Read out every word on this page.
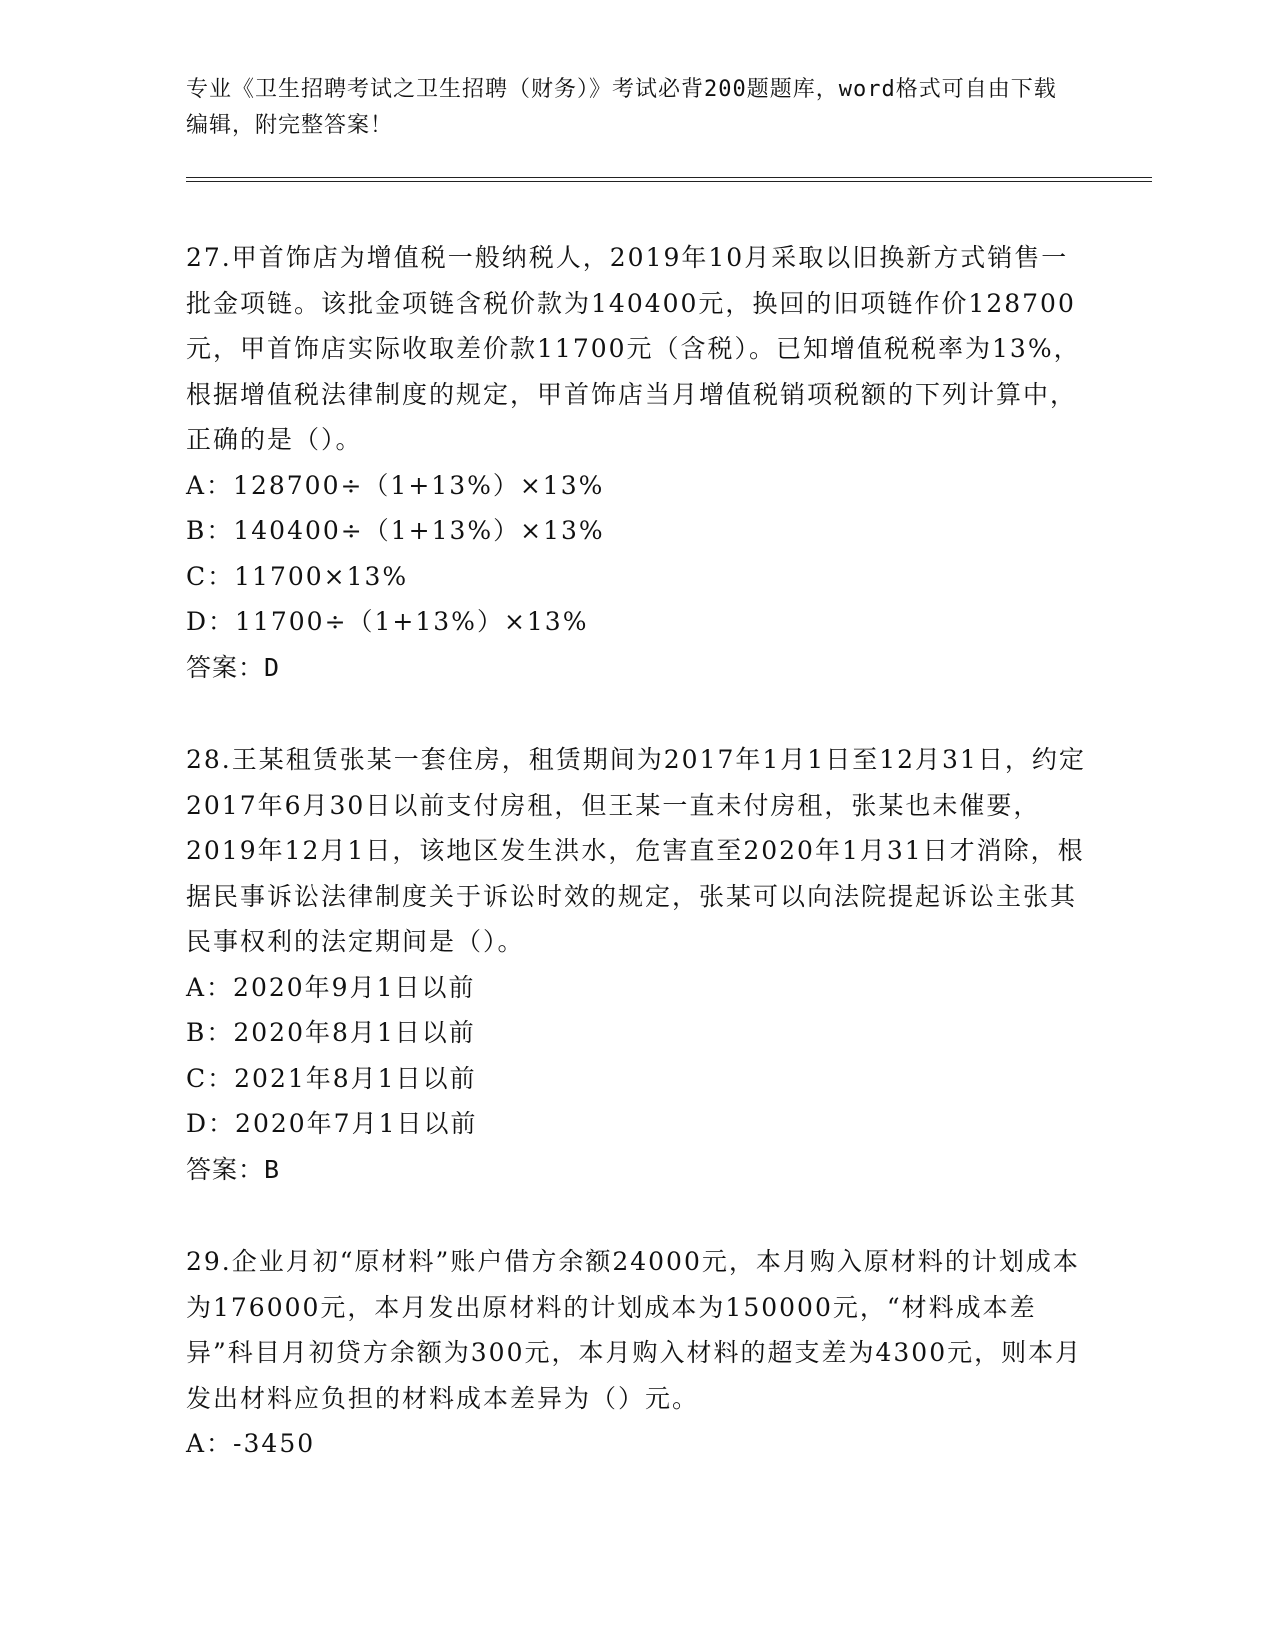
专业《卫生招聘考试之卫生招聘（财务）》考试必背200题题库，word格式可自由下载编辑，附完整答案！

27.甲首饰店为增值税一般纳税人，2019年10月采取以旧换新方式销售一批金项链。该批金项链含税价款为140400元，换回的旧项链作价128700元，甲首饰店实际收取差价款11700元（含税）。已知增值税税率为13%，根据增值税法律制度的规定，甲首饰店当月增值税销项税额的下列计算中，正确的是（）。

A：128700÷（1+13%）×13%

B：140400÷（1+13%）×13%

C：11700×13%

D：11700÷（1+13%）×13%

答案：D

28.王某租赁张某一套住房，租赁期间为2017年1月1日至12月31日，约定2017年6月30日以前支付房租，但王某一直未付房租，张某也未催要，2019年12月1日，该地区发生洪水，危害直至2020年1月31日才消除，根据民事诉讼法律制度关于诉讼时效的规定，张某可以向法院提起诉讼主张其民事权利的法定期间是（）。

A：2020年9月1日以前

B：2020年8月1日以前

C：2021年8月1日以前

D：2020年7月1日以前

答案：B

29.企业月初“原材料”账户借方余额24000元，本月购入原材料的计划成本为176000元，本月发出原材料的计划成本为150000元，“材料成本差异”科目月初贷方余额为300元，本月购入材料的超支差为4300元，则本月发出材料应负担的材料成本差异为（）元。

A：-3450
